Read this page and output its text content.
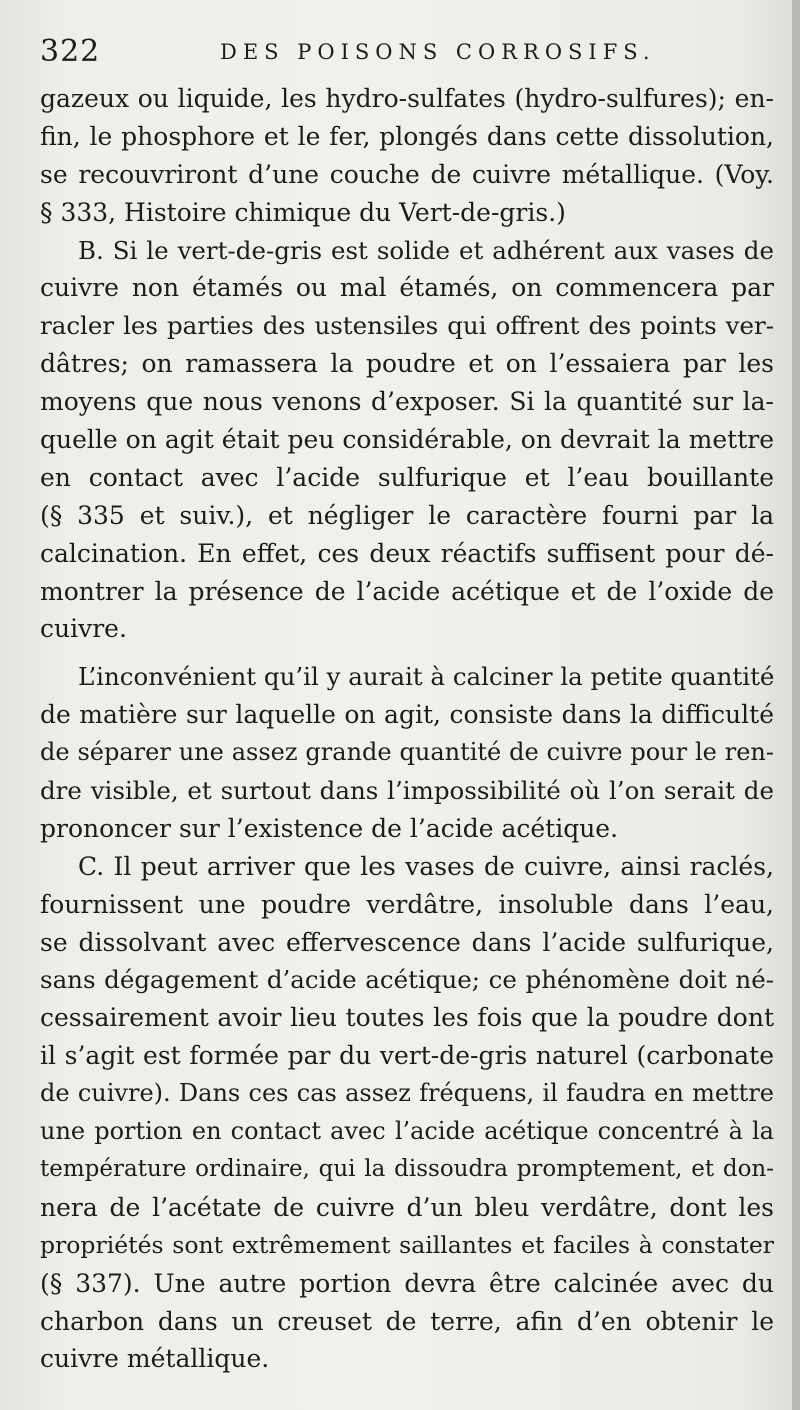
322	DES POISONS CORROSIFS.
gazeux ou liquide, les hydro-sulfates (hydro-sulfures); en-
fin, le phosphore et le fer, plongés dans cette dissolution,
se recouvriront d’une couche de cuivre métallique. (Voy.
§ 333, Histoire chimique du Vert-de-gris.)
B. Si le vert-de-gris est solide et adhérent aux vases de
cuivre non étamés ou mal étamés, on commencera par
racler les parties des ustensiles qui offrent des points ver-
dâtres; on ramassera la poudre et on l’essaiera par les
moyens que nous venons d’exposer. Si la quantité sur la-
quelle on agit était peu considérable, on devrait la mettre
en contact avec l’acide sulfurique et l’eau bouillante
(§ 335 et suiv.), et négliger le caractère fourni par la
calcination. En effet, ces deux réactifs suffisent pour dé-
montrer la présence de l’acide acétique et de l’oxide de
cuivre.
L’inconvénient qu’il y aurait à calciner la petite quantité
de matière sur laquelle on agit, consiste dans la difficulté
de séparer une assez grande quantité de cuivre pour le ren-
dre visible, et surtout dans l’impossibilité où l’on serait de
prononcer sur l’existence de l’acide acétique.
C. Il peut arriver que les vases de cuivre, ainsi raclés,
fournissent une poudre verdâtre, insoluble dans l’eau,
se dissolvant avec effervescence dans l’acide sulfurique,
sans dégagement d’acide acétique; ce phénomène doit né-
cessairement avoir lieu toutes les fois que la poudre dont
il s’agit est formée par du vert-de-gris naturel (carbonate
de cuivre). Dans ces cas assez fréquens, il faudra en mettre
une portion en contact avec l’acide acétique concentré à la
température ordinaire, qui la dissoudra promptement, et don-
nera de l’acétate de cuivre d’un bleu verdâtre, dont les
propriétés sont extrêmement saillantes et faciles à constater
(§ 337). Une autre portion devra être calcinée avec du
charbon dans un creuset de terre, afin d’en obtenir le
cuivre métallique.
